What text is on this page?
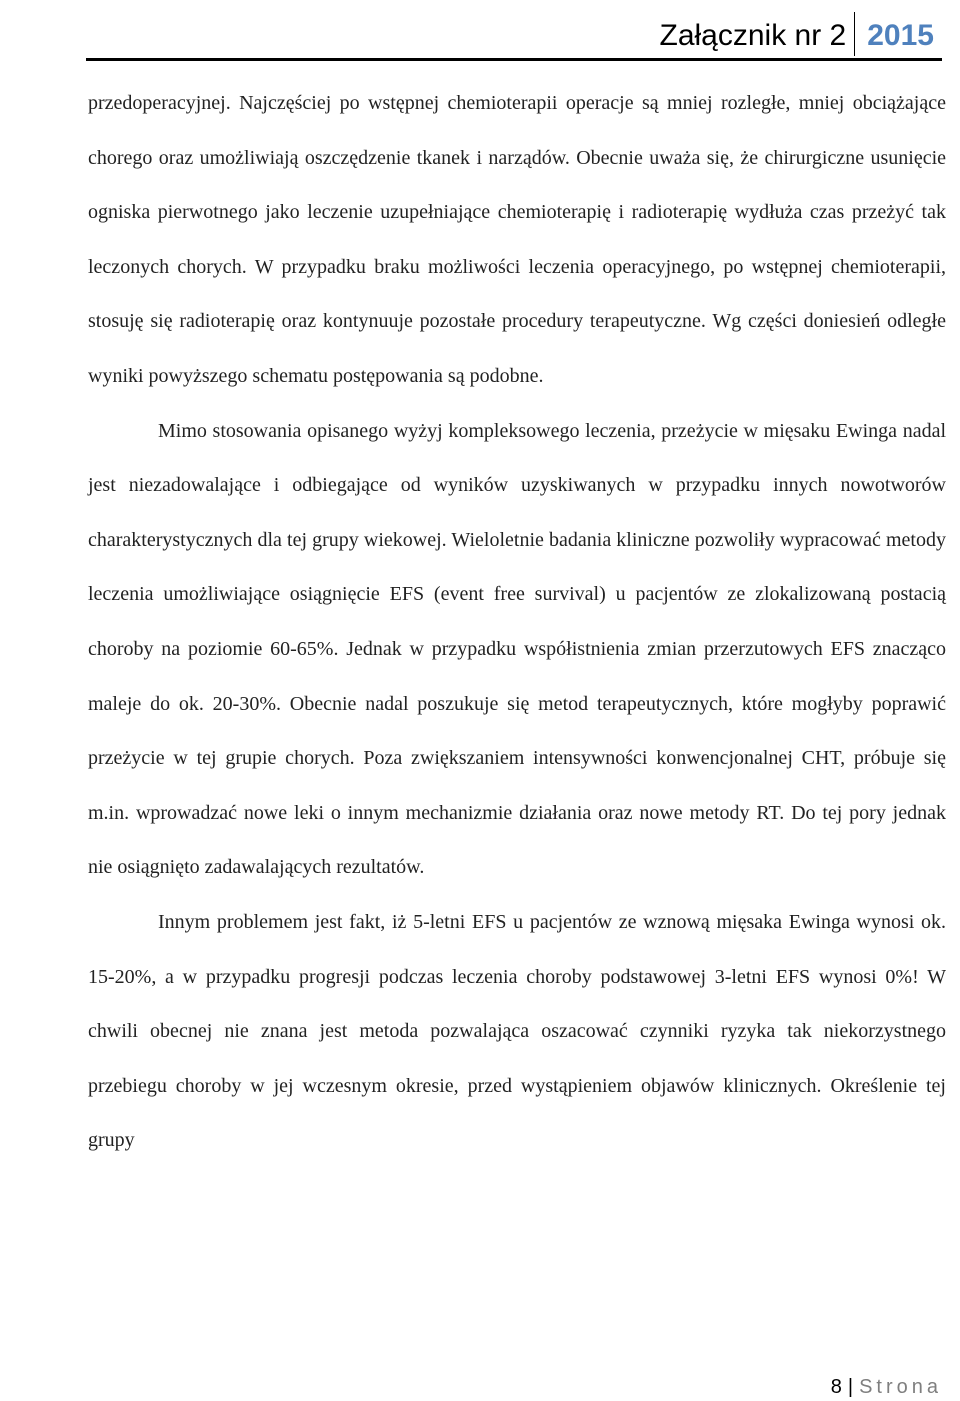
Załącznik nr 2 2015

przedoperacyjnej. Najczęściej po wstępnej chemioterapii operacje są mniej rozległe, mniej obciążające chorego oraz umożliwiają oszczędzenie tkanek i narządów. Obecnie uważa się, że chirurgiczne usunięcie ogniska pierwotnego jako leczenie uzupełniające chemioterapię i radioterapię wydłuża czas przeżyć tak leczonych chorych. W przypadku braku możliwości leczenia operacyjnego, po wstępnej chemioterapii, stosuję się radioterapię oraz kontynuuje pozostałe procedury terapeutyczne. Wg części doniesień odległe wyniki powyższego schematu postępowania są podobne.

Mimo stosowania opisanego wyżyj kompleksowego leczenia, przeżycie w mięsaku Ewinga nadal jest niezadowalające i odbiegające od wyników uzyskiwanych w przypadku innych nowotworów charakterystycznych dla tej grupy wiekowej. Wieloletnie badania kliniczne pozwoliły wypracować metody leczenia umożliwiające osiągnięcie EFS (event free survival) u pacjentów ze zlokalizowaną postacią choroby na poziomie 60-65%. Jednak w przypadku współistnienia zmian przerzutowych EFS znacząco maleje do ok. 20-30%. Obecnie nadal poszukuje się metod terapeutycznych, które mogłyby poprawić przeżycie w tej grupie chorych. Poza zwiększaniem intensywności konwencjonalnej CHT, próbuje się m.in. wprowadzać nowe leki o innym mechanizmie działania oraz nowe metody RT. Do tej pory jednak nie osiągnięto zadawalających rezultatów.

Innym problemem jest fakt, iż 5-letni EFS u pacjentów ze wznową mięsaka Ewinga wynosi ok. 15-20%, a w przypadku progresji podczas leczenia choroby podstawowej 3-letni EFS wynosi 0%! W chwili obecnej nie znana jest metoda pozwalająca oszacować czynniki ryzyka tak niekorzystnego przebiegu choroby w jej wczesnym okresie, przed wystąpieniem objawów klinicznych. Określenie tej grupy

8 | Strona
